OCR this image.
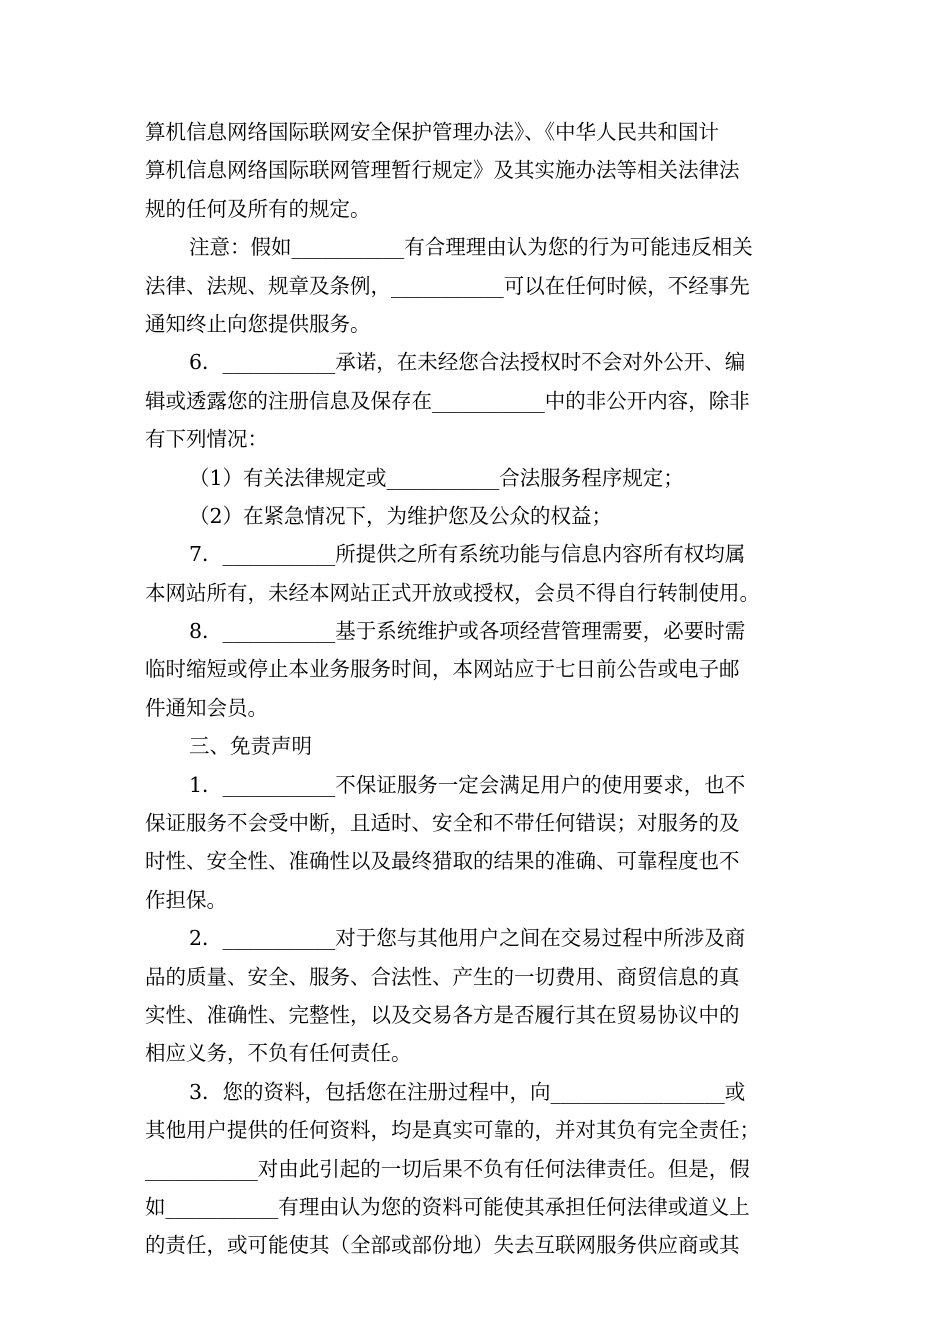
算机信息网络国际联网安全保护管理办法》、《中华人民共和国计
算机信息网络国际联网管理暂行规定》及其实施办法等相关法律法
规的任何及所有的规定。
注意：假如___________有合理理由认为您的行为可能违反相关
法律、法规、规章及条例，___________可以在任何时候，不经事先
通知终止向您提供服务。
6．___________承诺，在未经您合法授权时不会对外公开、编
辑或透露您的注册信息及保存在___________中的非公开内容，除非
有下列情况：
（1）有关法律规定或___________合法服务程序规定；
（2）在紧急情况下，为维护您及公众的权益；
7．___________所提供之所有系统功能与信息内容所有权均属
本网站所有，未经本网站正式开放或授权，会员不得自行转制使用。
8．___________基于系统维护或各项经营管理需要，必要时需
临时缩短或停止本业务服务时间，本网站应于七日前公告或电子邮
件通知会员。
三、免责声明
1．___________不保证服务一定会满足用户的使用要求，也不
保证服务不会受中断，且适时、安全和不带任何错误；对服务的及
时性、安全性、准确性以及最终猎取的结果的准确、可靠程度也不
作担保。
2．___________对于您与其他用户之间在交易过程中所涉及商
品的质量、安全、服务、合法性、产生的一切费用、商贸信息的真
实性、准确性、完整性，以及交易各方是否履行其在贸易协议中的
相应义务，不负有任何责任。
3．您的资料，包括您在注册过程中，向_________________或
其他用户提供的任何资料，均是真实可靠的，并对其负有完全责任；
___________对由此引起的一切后果不负有任何法律责任。但是，假
如___________有理由认为您的资料可能使其承担任何法律或道义上
的责任，或可能使其（全部或部份地）失去互联网服务供应商或其
